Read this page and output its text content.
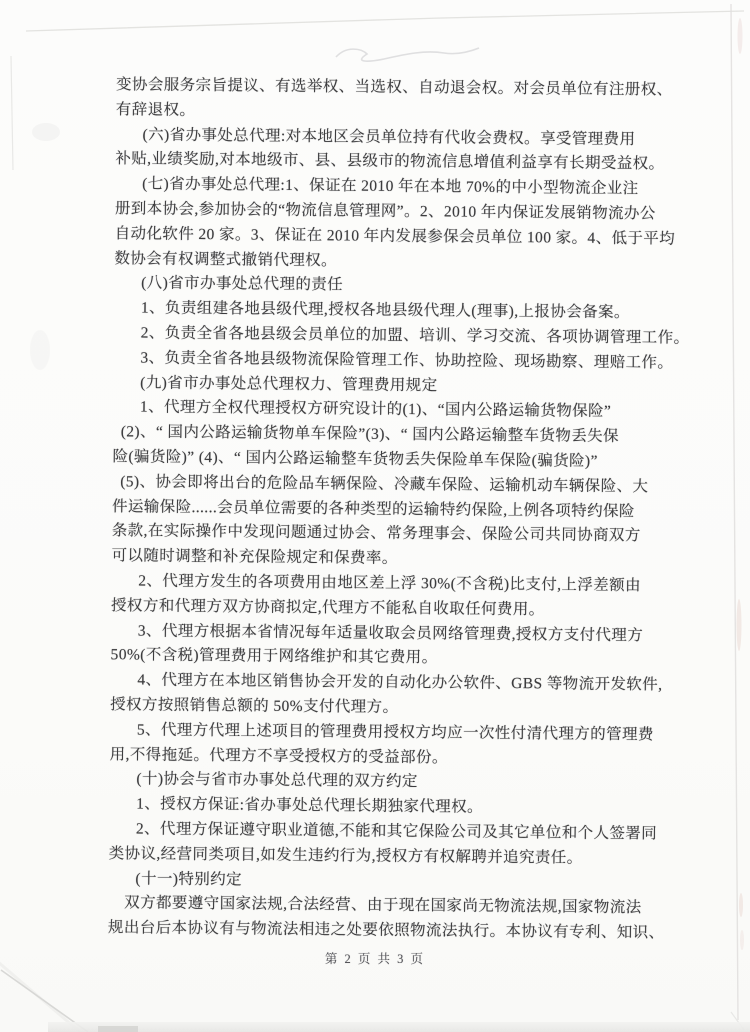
变协会服务宗旨提议、有选举权、当选权、自动退会权。对会员单位有注册权、
有辞退权。
(六)省办事处总代理:对本地区会员单位持有代收会费权。享受管理费用
补贴,业绩奖励,对本地级市、县、县级市的物流信息增值利益享有长期受益权。
(七)省办事处总代理:1、保证在 2010 年在本地 70%的中小型物流企业注
册到本协会,参加协会的“物流信息管理网”。2、2010 年内保证发展销物流办公
自动化软件 20 家。3、保证在 2010 年内发展参保会员单位 100 家。4、低于平均
数协会有权调整式撤销代理权。
(八)省市办事处总代理的责任
1、负责组建各地县级代理,授权各地县级代理人(理事),上报协会备案。
2、负责全省各地县级会员单位的加盟、培训、学习交流、各项协调管理工作。
3、负责全省各地县级物流保险管理工作、协助控险、现场勘察、理赔工作。
(九)省市办事处总代理权力、管理费用规定
1、代理方全权代理授权方研究设计的(1)、“国内公路运输货物保险”
(2)、“ 国内公路运输货物单车保险”(3)、“ 国内公路运输整车货物丢失保
险(骗货险)” (4)、“ 国内公路运输整车货物丢失保险单车保险(骗货险)”
(5)、协会即将出台的危险品车辆保险、冷藏车保险、运输机动车辆保险、大
件运输保险......会员单位需要的各种类型的运输特约保险,上例各项特约保险
条款,在实际操作中发现问题通过协会、常务理事会、保险公司共同协商双方
可以随时调整和补充保险规定和保费率。
2、代理方发生的各项费用由地区差上浮 30%(不含税)比支付,上浮差额由
授权方和代理方双方协商拟定,代理方不能私自收取任何费用。
3、代理方根据本省情况每年适量收取会员网络管理费,授权方支付代理方
50%(不含税)管理费用于网络维护和其它费用。
4、代理方在本地区销售协会开发的自动化办公软件、GBS 等物流开发软件,
授权方按照销售总额的 50%支付代理方。
5、代理方代理上述项目的管理费用授权方均应一次性付清代理方的管理费
用,不得拖延。代理方不享受授权方的受益部份。
(十)协会与省市办事处总代理的双方约定
1、授权方保证:省办事处总代理长期独家代理权。
2、代理方保证遵守职业道德,不能和其它保险公司及其它单位和个人签署同
类协议,经营同类项目,如发生违约行为,授权方有权解聘并追究责任。
(十一)特别约定
双方都要遵守国家法规,合法经营、由于现在国家尚无物流法规,国家物流法
规出台后本协议有与物流法相违之处要依照物流法执行。本协议有专利、知识、
第 2 页 共 3 页
